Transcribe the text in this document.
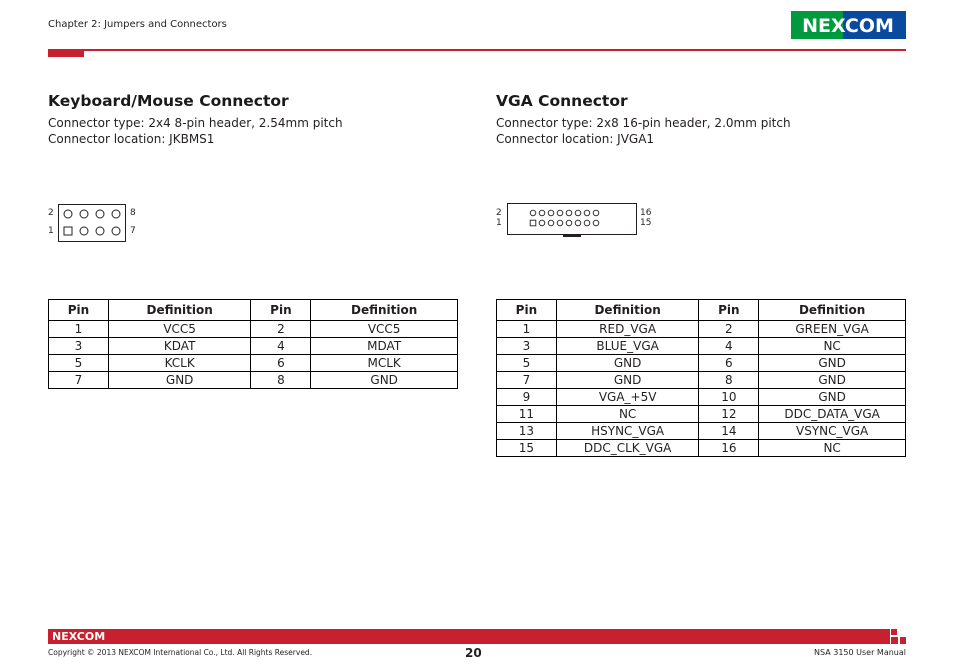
Chapter 2: Jumpers and Connectors	NEXCOM
Keyboard/Mouse Connector
Connector type: 2x4 8-pin header, 2.54mm pitch
Connector location: JKBMS1
2
1
8
7
Pin	Definition	Pin	Definition
1	VCC5	2	VCC5
3	KDAT	4	MDAT
5	KCLK	6	MCLK
7	GND	8	GND
VGA Connector
Connector type: 2x8 16-pin header, 2.0mm pitch
Connector location: JVGA1
2
1
16
15
Pin	Definition	Pin	Definition
1	RED_VGA	2	GREEN_VGA
3	BLUE_VGA	4	NC
5	GND	6	GND
7	GND	8	GND
9	VGA_+5V	10	GND
11	NC	12	DDC_DATA_VGA
13	HSYNC_VGA	14	VSYNC_VGA
15	DDC_CLK_VGA	16	NC
NEXCOM
Copyright © 2013 NEXCOM International Co., Ltd. All Rights Reserved.	20	NSA 3150 User Manual
